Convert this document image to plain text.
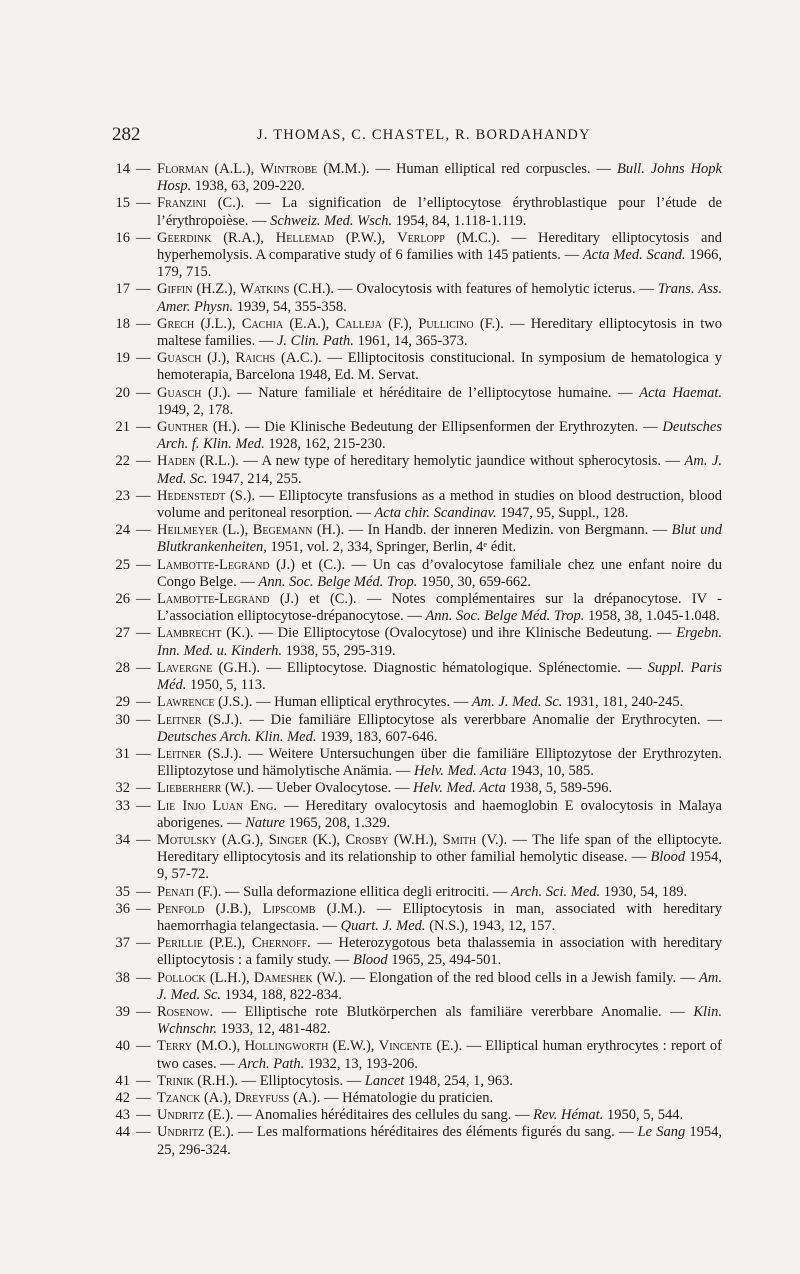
282	J. THOMAS, C. CHASTEL, R. BORDAHANDY
14 — Florman (A.L.), Wintrobe (M.M.). — Human elliptical red corpuscles. — Bull. Johns Hopk Hosp. 1938, 63, 209-220.
15 — Franzini (C.). — La signification de l’elliptocytose érythroblastique pour l’étude de l’érythropoièse. — Schweiz. Med. Wsch. 1954, 84, 1.118-1.119.
16 — Geerdink (R.A.), Hellemad (P.W.), Verlopp (M.C.). — Hereditary elliptocytosis and hyperhemolysis. A comparative study of 6 families with 145 patients. — Acta Med. Scand. 1966, 179, 715.
17 — Giffin (H.Z.), Watkins (C.H.). — Ovalocytosis with features of hemolytic icterus. — Trans. Ass. Amer. Physn. 1939, 54, 355-358.
18 — Grech (J.L.), Cachia (E.A.), Calleja (F.), Pullicino (F.). — Hereditary elliptocytosis in two maltese families. — J. Clin. Path. 1961, 14, 365-373.
19 — Guasch (J.), Raichs (A.C.). — Elliptocitosis constitucional. In symposium de hematologica y hemoterapia, Barcelona 1948, Ed. M. Servat.
20 — Guasch (J.). — Nature familiale et héréditaire de l’elliptocytose humaine. — Acta Haemat. 1949, 2, 178.
21 — Gunther (H.). — Die Klinische Bedeutung der Ellipsenformen der Erythrozyten. — Deutsches Arch. f. Klin. Med. 1928, 162, 215-230.
22 — Haden (R.L.). — A new type of hereditary hemolytic jaundice without spherocytosis. — Am. J. Med. Sc. 1947, 214, 255.
23 — Hedenstedt (S.). — Elliptocyte transfusions as a method in studies on blood destruction, blood volume and peritoneal resorption. — Acta chir. Scandinav. 1947, 95, Suppl., 128.
24 — Heilmeyer (L.), Begemann (H.). — In Handb. der inneren Medizin. von Bergmann. — Blut und Blutkrankenheiten, 1951, vol. 2, 334, Springer, Berlin, 4ᵉ édit.
25 — Lambotte-Legrand (J.) et (C.). — Un cas d’ovalocytose familiale chez une enfant noire du Congo Belge. — Ann. Soc. Belge Méd. Trop. 1950, 30, 659-662.
26 — Lambotte-Legrand (J.) et (C.). — Notes complémentaires sur la drépanocytose. IV - L’association elliptocytose-drépanocytose. — Ann. Soc. Belge Méd. Trop. 1958, 38, 1.045-1.048.
27 — Lambrecht (K.). — Die Elliptocytose (Ovalocytose) und ihre Klinische Bedeutung. — Ergebn. Inn. Med. u. Kinderh. 1938, 55, 295-319.
28 — Lavergne (G.H.). — Elliptocytose. Diagnostic hématologique. Splénectomie. — Suppl. Paris Méd. 1950, 5, 113.
29 — Lawrence (J.S.). — Human elliptical erythrocytes. — Am. J. Med. Sc. 1931, 181, 240-245.
30 — Leitner (S.J.). — Die familiäre Elliptocytose als vererbbare Anomalie der Erythrocyten. — Deutsches Arch. Klin. Med. 1939, 183, 607-646.
31 — Leitner (S.J.). — Weitere Untersuchungen über die familiäre Elliptozytose der Erythrozyten. Elliptozytose und hämolytische Anämia. — Helv. Med. Acta 1943, 10, 585.
32 — Lieberherr (W.). — Ueber Ovalocytose. — Helv. Med. Acta 1938, 5, 589-596.
33 — Lie Injo Luan Eng. — Hereditary ovalocytosis and haemoglobin E ovalocytosis in Malaya aborigenes. — Nature 1965, 208, 1.329.
34 — Motulsky (A.G.), Singer (K.), Crosby (W.H.), Smith (V.). — The life span of the elliptocyte. Hereditary elliptocytosis and its relationship to other familial hemolytic disease. — Blood 1954, 9, 57-72.
35 — Penati (F.). — Sulla deformazione ellitica degli eritrociti. — Arch. Sci. Med. 1930, 54, 189.
36 — Penfold (J.B.), Lipscomb (J.M.). — Elliptocytosis in man, associated with hereditary haemorrhagia telangectasia. — Quart. J. Med. (N.S.), 1943, 12, 157.
37 — Perillie (P.E.), Chernoff. — Heterozygotous beta thalassemia in association with hereditary elliptocytosis : a family study. — Blood 1965, 25, 494-501.
38 — Pollock (L.H.), Dameshek (W.). — Elongation of the red blood cells in a Jewish family. — Am. J. Med. Sc. 1934, 188, 822-834.
39 — Rosenow. — Elliptische rote Blutkörperchen als familiäre vererbbare Anomalie. — Klin. Wchnschr. 1933, 12, 481-482.
40 — Terry (M.O.), Hollingworth (E.W.), Vincente (E.). — Elliptical human erythrocytes : report of two cases. — Arch. Path. 1932, 13, 193-206.
41 — Trinik (R.H.). — Elliptocytosis. — Lancet 1948, 254, 1, 963.
42 — Tzanck (A.), Dreyfuss (A.). — Hématologie du praticien.
43 — Undritz (E.). — Anomalies héréditaires des cellules du sang. — Rev. Hémat. 1950, 5, 544.
44 — Undritz (E.). — Les malformations héréditaires des éléments figurés du sang. — Le Sang 1954, 25, 296-324.
